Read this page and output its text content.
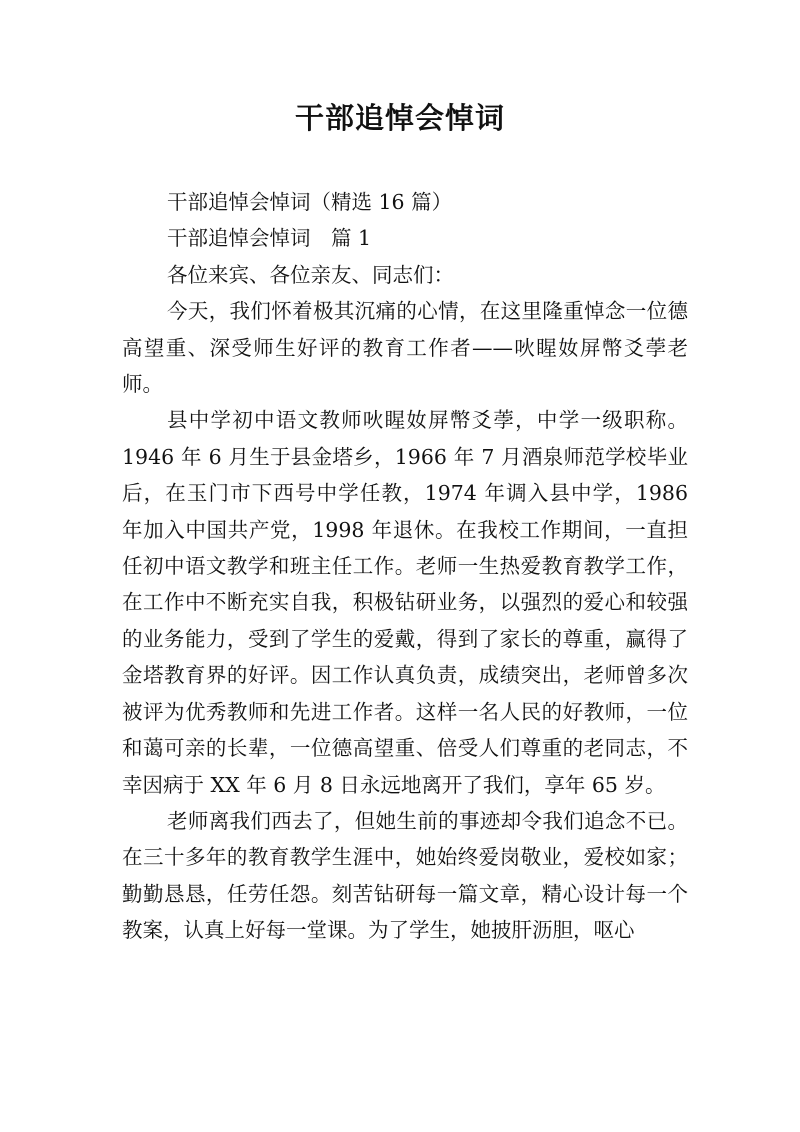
干部追悼会悼词

干部追悼会悼词（精选 16 篇）

干部追悼会悼词　篇 1

各位来宾、各位亲友、同志们：

今天，我们怀着极其沉痛的心情，在这里隆重悼念一位德高望重、深受师生好评的教育工作者——吙睲奻屏幣爻荸老师。

县中学初中语文教师吙睲奻屏幣爻荸，中学一级职称。1946 年 6 月生于县金塔乡，1966 年 7 月酒泉师范学校毕业后，在玉门市下西号中学任教，1974 年调入县中学，1986 年加入中国共产党，1998 年退休。在我校工作期间，一直担任初中语文教学和班主任工作。老师一生热爱教育教学工作，在工作中不断充实自我，积极钻研业务，以强烈的爱心和较强的业务能力，受到了学生的爱戴，得到了家长的尊重，赢得了金塔教育界的好评。因工作认真负责，成绩突出，老师曾多次被评为优秀教师和先进工作者。这样一名人民的好教师，一位和蔼可亲的长辈，一位德高望重、倍受人们尊重的老同志，不幸因病于 XX 年 6 月 8 日永远地离开了我们，享年 65 岁。

老师离我们西去了，但她生前的事迹却令我们追念不已。在三十多年的教育教学生涯中，她始终爱岗敬业，爱校如家；勤勤恳恳，任劳任怨。刻苦钻研每一篇文章，精心设计每一个教案，认真上好每一堂课。为了学生，她披肝沥胆，呕心
